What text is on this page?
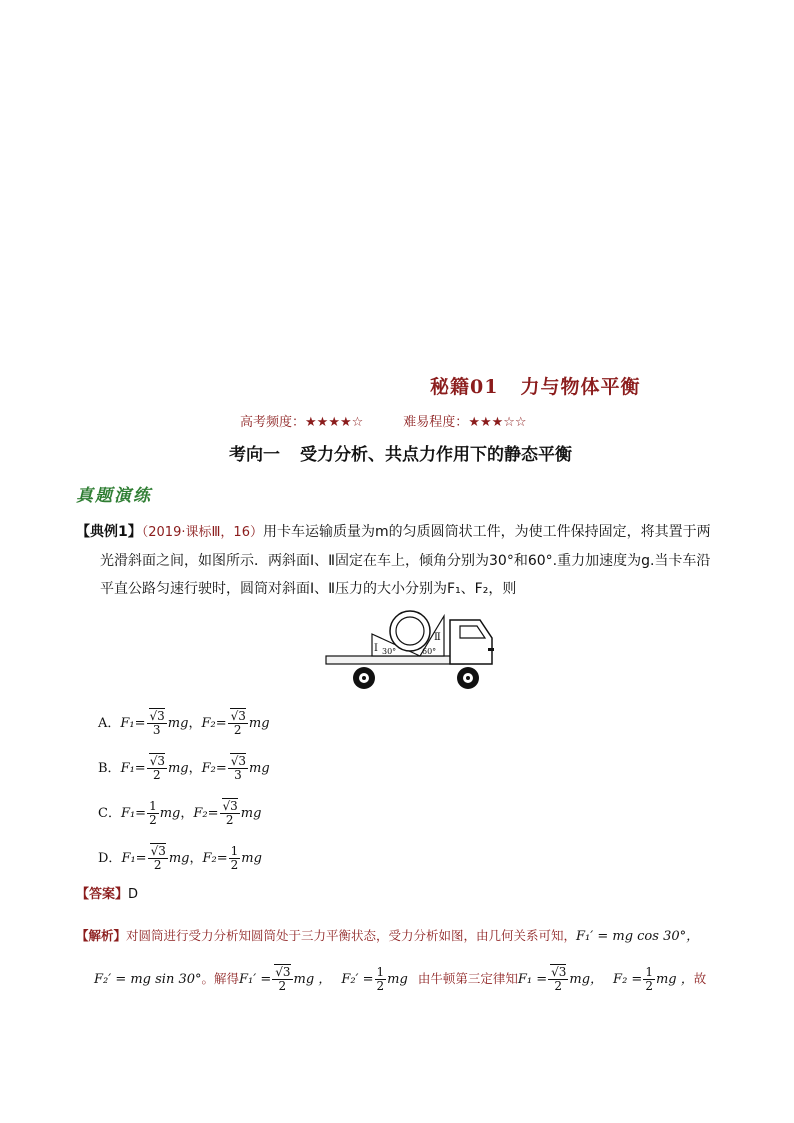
秘籍01 力与物体平衡
高考频度：★★★★☆	难易程度：★★★☆☆
考向一 受力分析、共点力作用下的静态平衡
真题演练
【典例1】（2019·课标Ⅲ，16）用卡车运输质量为m的匀质圆筒状工件，为使工件保持固定，将其置于两
光滑斜面之间，如图所示．两斜面Ⅰ、Ⅱ固定在车上，倾角分别为30°和60°.重力加速度为g.当卡车沿
平直公路匀速行驶时，圆筒对斜面Ⅰ、Ⅱ压力的大小分别为F₁、F₂，则
Ⅰ 30°
Ⅱ
60°
A．$F_1= \frac{√3}{3}$ mg，$F_2= \frac{√3}{2}$ mg
B．$F_1= \frac{√3}{2}$ mg，$F_2= \frac{√3}{3}$ mg
C．$F_1= \frac{1}{2}$ mg，$F_2= \frac{√3}{2}$ mg
D．$F_1= \frac{√3}{2}$ mg，$F_2= \frac{1}{2}$ mg
【答案】D
【解析】对圆筒进行受力分析知圆筒处于三力平衡状态，受力分析如图，由几何关系可知，F₁′ = mg cos 30°，
F₂′ = mg sin 30°。解得$F_1' = \frac{√3}{2}$ mg ， $F_2' = \frac{1}{2}$ mg 由牛顿第三定律知$F_1 = \frac{√3}{2}$ mg， $F_2 = \frac{1}{2}$ mg ，故
